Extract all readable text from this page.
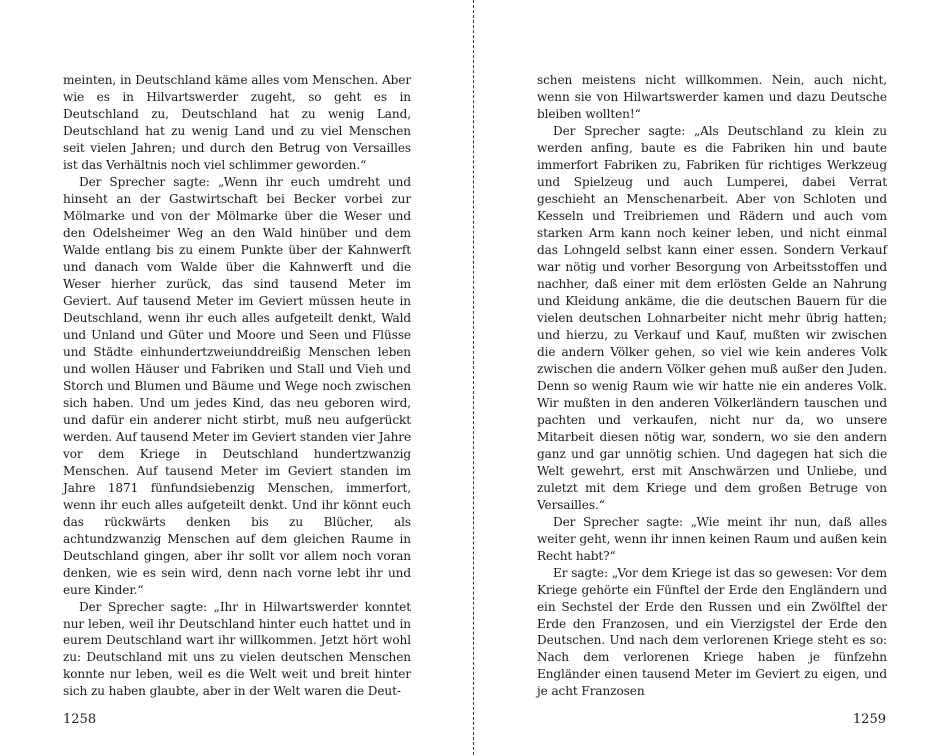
meinten, in Deutschland käme alles vom Menschen. Aber wie es in Hilvartswerder zugeht, so geht es in Deutschland zu, Deutschland hat zu wenig Land, Deutschland hat zu wenig Land und zu viel Menschen seit vielen Jahren; und durch den Betrug von Versailles ist das Verhältnis noch viel schlimmer geworden.“

Der Sprecher sagte: „Wenn ihr euch umdreht und hinseht an der Gastwirtschaft bei Becker vorbei zur Mölmarke und von der Mölmarke über die Weser und den Odelsheimer Weg an den Wald hinüber und dem Walde entlang bis zu einem Punkte über der Kahnwerft und danach vom Walde über die Kahnwerft und die Weser hierher zurück, das sind tausend Meter im Geviert. Auf tausend Meter im Geviert müssen heute in Deutschland, wenn ihr euch alles aufgeteilt denkt, Wald und Unland und Güter und Moore und Seen und Flüsse und Städte einhundertzweiunddreißig Menschen leben und wollen Häuser und Fabriken und Stall und Vieh und Storch und Blumen und Bäume und Wege noch zwischen sich haben. Und um jedes Kind, das neu geboren wird, und dafür ein anderer nicht stirbt, muß neu aufgerückt werden. Auf tausend Meter im Geviert standen vier Jahre vor dem Kriege in Deutschland hundertzwanzig Menschen. Auf tausend Meter im Geviert standen im Jahre 1871 fünfundsiebenzig Menschen, immerfort, wenn ihr euch alles aufgeteilt denkt. Und ihr könnt euch das rückwärts denken bis zu Blücher, als achtundzwanzig Menschen auf dem gleichen Raume in Deutschland gingen, aber ihr sollt vor allem noch voran denken, wie es sein wird, denn nach vorne lebt ihr und eure Kinder.“

Der Sprecher sagte: „Ihr in Hilwartswerder konntet nur leben, weil ihr Deutschland hinter euch hattet und in eurem Deutschland wart ihr willkommen. Jetzt hört wohl zu: Deutschland mit uns zu vielen deutschen Menschen konnte nur leben, weil es die Welt weit und breit hinter sich zu haben glaubte, aber in der Welt waren die Deut-

1258

schen meistens nicht willkommen. Nein, auch nicht, wenn sie von Hilwartswerder kamen und dazu Deutsche bleiben wollten!“

Der Sprecher sagte: „Als Deutschland zu klein zu werden anfing, baute es die Fabriken hin und baute immerfort Fabriken zu, Fabriken für richtiges Werkzeug und Spielzeug und auch Lumperei, dabei Verrat geschieht an Menschenarbeit. Aber von Schloten und Kesseln und Treibriemen und Rädern und auch vom starken Arm kann noch keiner leben, und nicht einmal das Lohngeld selbst kann einer essen. Sondern Verkauf war nötig und vorher Besorgung von Arbeitsstoffen und nachher, daß einer mit dem erlösten Gelde an Nahrung und Kleidung ankäme, die die deutschen Bauern für die vielen deutschen Lohnarbeiter nicht mehr übrig hatten; und hierzu, zu Verkauf und Kauf, mußten wir zwischen die andern Völker gehen, so viel wie kein anderes Volk zwischen die andern Völker gehen muß außer den Juden. Denn so wenig Raum wie wir hatte nie ein anderes Volk. Wir mußten in den anderen Völkerländern tauschen und pachten und verkaufen, nicht nur da, wo unsere Mitarbeit diesen nötig war, sondern, wo sie den andern ganz und gar unnötig schien. Und dagegen hat sich die Welt gewehrt, erst mit Anschwärzen und Unliebe, und zuletzt mit dem Kriege und dem großen Betruge von Versailles.“

Der Sprecher sagte: „Wie meint ihr nun, daß alles weiter geht, wenn ihr innen keinen Raum und außen kein Recht habt?“

Er sagte: „Vor dem Kriege ist das so gewesen: Vor dem Kriege gehörte ein Fünftel der Erde den Engländern und ein Sechstel der Erde den Russen und ein Zwölftel der Erde den Franzosen, und ein Vierzigstel der Erde den Deutschen. Und nach dem verlorenen Kriege steht es so: Nach dem verlorenen Kriege haben je fünfzehn Engländer einen tausend Meter im Geviert zu eigen, und je acht Franzosen

1259
